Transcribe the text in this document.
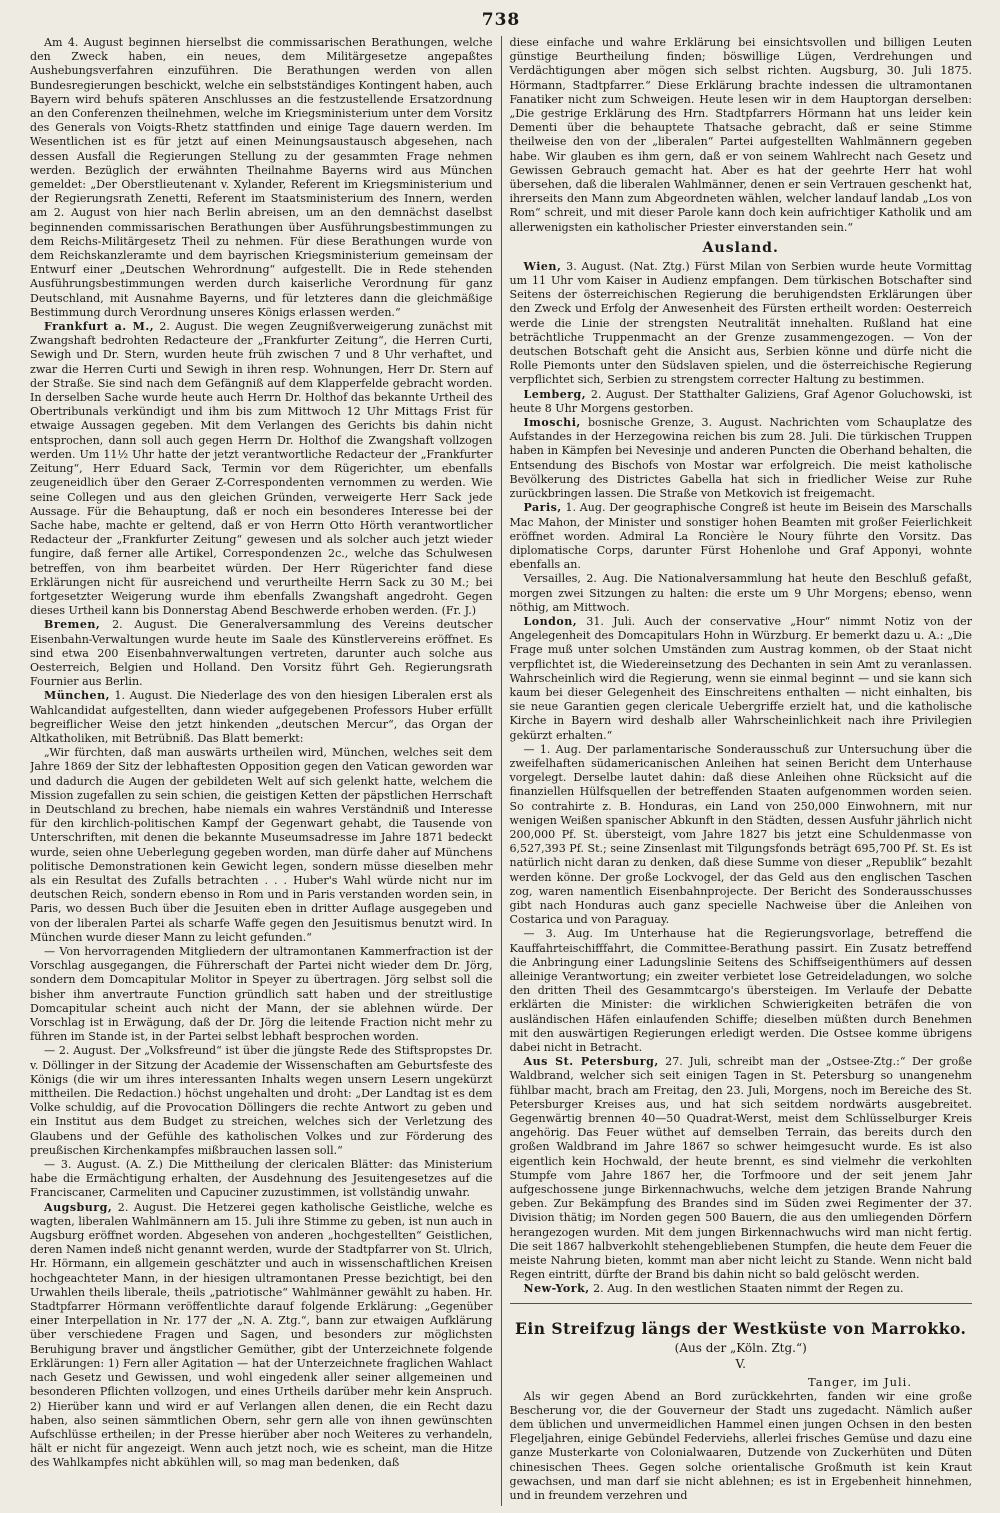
738

Am 4. August beginnen hierselbst die commissarischen Berathungen, welche den Zweck haben, ein neues, dem Militärgesetze angepaßtes Aushebungsverfahren einzuführen. Die Berathungen werden von allen Bundesregierungen beschickt, welche ein selbstständiges Kontingent haben, auch Bayern wird behufs späteren Anschlusses an die festzustellende Ersatzordnung an den Conferenzen theilnehmen, welche im Kriegsministerium unter dem Vorsitz des Generals von Voigts-Rhetz stattfinden und einige Tage dauern werden. Im Wesentlichen ist es für jetzt auf einen Meinungsaustausch abgesehen, nach dessen Ausfall die Regierungen Stellung zu der gesammten Frage nehmen werden. Bezüglich der erwähnten Theilnahme Bayerns wird aus München gemeldet: „Der Oberstlieutenant v. Xylander, Referent im Kriegsministerium und der Regierungsrath Zenetti, Referent im Staatsministerium des Innern, werden am 2. August von hier nach Berlin abreisen, um an den demnächst daselbst beginnenden commissarischen Berathungen über Ausführungsbestimmungen zu dem Reichs-Militärgesetz Theil zu nehmen. Für diese Berathungen wurde von dem Reichskanzleramte und dem bayrischen Kriegsministerium gemeinsam der Entwurf einer „Deutschen Wehrordnung“ aufgestellt. Die in Rede stehenden Ausführungsbestimmungen werden durch kaiserliche Verordnung für ganz Deutschland, mit Ausnahme Bayerns, und für letzteres dann die gleichmäßige Bestimmung durch Verordnung unseres Königs erlassen werden.“

Frankfurt a. M., 2. August. Die wegen Zeugnißverweigerung zunächst mit Zwangshaft bedrohten Redacteure der „Frankfurter Zeitung“, die Herren Curti, Sewigh und Dr. Stern, wurden heute früh zwischen 7 und 8 Uhr verhaftet, und zwar die Herren Curti und Sewigh in ihren resp. Wohnungen, Herr Dr. Stern auf der Straße. Sie sind nach dem Gefängniß auf dem Klapperfelde gebracht worden. In derselben Sache wurde heute auch Herrn Dr. Holthof das bekannte Urtheil des Obertribunals verkündigt und ihm bis zum Mittwoch 12 Uhr Mittags Frist für etwaige Aussagen gegeben. Mit dem Verlangen des Gerichts bis dahin nicht entsprochen, dann soll auch gegen Herrn Dr. Holthof die Zwangshaft vollzogen werden. Um 11½ Uhr hatte der jetzt verantwortliche Redacteur der „Frankfurter Zeitung“, Herr Eduard Sack, Termin vor dem Rügerichter, um ebenfalls zeugeneidlich über den Geraer Z-Correspondenten vernommen zu werden. Wie seine Collegen und aus den gleichen Gründen, verweigerte Herr Sack jede Aussage. Für die Behauptung, daß er noch ein besonderes Interesse bei der Sache habe, machte er geltend, daß er von Herrn Otto Hörth verantwortlicher Redacteur der „Frankfurter Zeitung“ gewesen und als solcher auch jetzt wieder fungire, daß ferner alle Artikel, Correspondenzen 2c., welche das Schulwesen betreffen, von ihm bearbeitet würden. Der Herr Rügerichter fand diese Erklärungen nicht für ausreichend und verurtheilte Herrn Sack zu 30 M.; bei fortgesetzter Weigerung wurde ihm ebenfalls Zwangshaft angedroht. Gegen dieses Urtheil kann bis Donnerstag Abend Beschwerde erhoben werden. (Fr. J.)

Bremen, 2. August. Die Generalversammlung des Vereins deutscher Eisenbahn-Verwaltungen wurde heute im Saale des Künstlervereins eröffnet. Es sind etwa 200 Eisenbahnverwaltungen vertreten, darunter auch solche aus Oesterreich, Belgien und Holland. Den Vorsitz führt Geh. Regierungsrath Fournier aus Berlin.

München, 1. August. Die Niederlage des von den hiesigen Liberalen erst als Wahlcandidat aufgestellten, dann wieder aufgegebenen Professors Huber erfüllt begreiflicher Weise den jetzt hinkenden „deutschen Mercur“, das Organ der Altkatholiken, mit Betrübniß. Das Blatt bemerkt:

„Wir fürchten, daß man auswärts urtheilen wird, München, welches seit dem Jahre 1869 der Sitz der lebhaftesten Opposition gegen den Vatican geworden war und dadurch die Augen der gebildeten Welt auf sich gelenkt hatte, welchem die Mission zugefallen zu sein schien, die geistigen Ketten der päpstlichen Herrschaft in Deutschland zu brechen, habe niemals ein wahres Verständniß und Interesse für den kirchlich-politischen Kampf der Gegenwart gehabt, die Tausende von Unterschriften, mit denen die bekannte Museumsadresse im Jahre 1871 bedeckt wurde, seien ohne Ueberlegung gegeben worden, man dürfe daher auf Münchens politische Demonstrationen kein Gewicht legen, sondern müsse dieselben mehr als ein Resultat des Zufalls betrachten . . . Huber's Wahl würde nicht nur im deutschen Reich, sondern ebenso in Rom und in Paris verstanden worden sein, in Paris, wo dessen Buch über die Jesuiten eben in dritter Auflage ausgegeben und von der liberalen Partei als scharfe Waffe gegen den Jesuitismus benutzt wird. In München wurde dieser Mann zu leicht gefunden.“

— Von hervorragenden Mitgliedern der ultramontanen Kammerfraction ist der Vorschlag ausgegangen, die Führerschaft der Partei nicht wieder dem Dr. Jörg, sondern dem Domcapitular Molitor in Speyer zu übertragen. Jörg selbst soll die bisher ihm anvertraute Function gründlich satt haben und der streitlustige Domcapitular scheint auch nicht der Mann, der sie ablehnen würde. Der Vorschlag ist in Erwägung, daß der Dr. Jörg die leitende Fraction nicht mehr zu führen im Stande ist, in der Partei selbst lebhaft besprochen worden.

— 2. August. Der „Volksfreund“ ist über die jüngste Rede des Stiftspropstes Dr. v. Döllinger in der Sitzung der Academie der Wissenschaften am Geburtsfeste des Königs (die wir um ihres interessanten Inhalts wegen unsern Lesern ungekürzt mittheilen. Die Redaction.) höchst ungehalten und droht: „Der Landtag ist es dem Volke schuldig, auf die Provocation Döllingers die rechte Antwort zu geben und ein Institut aus dem Budget zu streichen, welches sich der Verletzung des Glaubens und der Gefühle des katholischen Volkes und zur Förderung des preußischen Kirchenkampfes mißbrauchen lassen soll.“

— 3. August. (A. Z.) Die Mittheilung der clericalen Blätter: das Ministerium habe die Ermächtigung erhalten, der Ausdehnung des Jesuitengesetzes auf die Franciscaner, Carmeliten und Capuciner zuzustimmen, ist vollständig unwahr.

Augsburg, 2. August. Die Hetzerei gegen katholische Geistliche, welche es wagten, liberalen Wahlmännern am 15. Juli ihre Stimme zu geben, ist nun auch in Augsburg eröffnet worden. Abgesehen von anderen „hochgestellten“ Geistlichen, deren Namen indeß nicht genannt werden, wurde der Stadtpfarrer von St. Ulrich, Hr. Hörmann, ein allgemein geschätzter und auch in wissenschaftlichen Kreisen hochgeachteter Mann, in der hiesigen ultramontanen Presse bezichtigt, bei den Urwahlen theils liberale, theils „patriotische“ Wahlmänner gewählt zu haben. Hr. Stadtpfarrer Hörmann veröffentlichte darauf folgende Erklärung: „Gegenüber einer Interpellation in Nr. 177 der „N. A. Ztg.“, bann zur etwaigen Aufklärung über verschiedene Fragen und Sagen, und besonders zur möglichsten Beruhigung braver und ängstlicher Gemüther, gibt der Unterzeichnete folgende Erklärungen: 1) Fern aller Agitation — hat der Unterzeichnete fraglichen Wahlact nach Gesetz und Gewissen, und wohl eingedenk aller seiner allgemeinen und besonderen Pflichten vollzogen, und eines Urtheils darüber mehr kein Anspruch. 2) Hierüber kann und wird er auf Verlangen allen denen, die ein Recht dazu haben, also seinen sämmtlichen Obern, sehr gern alle von ihnen gewünschten Aufschlüsse ertheilen; in der Presse hierüber aber noch Weiteres zu verhandeln, hält er nicht für angezeigt. Wenn auch jetzt noch, wie es scheint, man die Hitze des Wahlkampfes nicht abkühlen will, so mag man bedenken, daß

diese einfache und wahre Erklärung bei einsichtsvollen und billigen Leuten günstige Beurtheilung finden; böswillige Lügen, Verdrehungen und Verdächtigungen aber mögen sich selbst richten. Augsburg, 30. Juli 1875. Hörmann, Stadtpfarrer.“ Diese Erklärung brachte indessen die ultramontanen Fanatiker nicht zum Schweigen. Heute lesen wir in dem Hauptorgan derselben: „Die gestrige Erklärung des Hrn. Stadtpfarrers Hörmann hat uns leider kein Dementi über die behauptete Thatsache gebracht, daß er seine Stimme theilweise den von der „liberalen“ Partei aufgestellten Wahlmännern gegeben habe. Wir glauben es ihm gern, daß er von seinem Wahlrecht nach Gesetz und Gewissen Gebrauch gemacht hat. Aber es hat der geehrte Herr hat wohl übersehen, daß die liberalen Wahlmänner, denen er sein Vertrauen geschenkt hat, ihrerseits den Mann zum Abgeordneten wählen, welcher landauf landab „Los von Rom“ schreit, und mit dieser Parole kann doch kein aufrichtiger Katholik und am allerwenigsten ein katholischer Priester einverstanden sein.“

Ausland.

Wien, 3. August. (Nat. Ztg.) Fürst Milan von Serbien wurde heute Vormittag um 11 Uhr vom Kaiser in Audienz empfangen. Dem türkischen Botschafter sind Seitens der österreichischen Regierung die beruhigendsten Erklärungen über den Zweck und Erfolg der Anwesenheit des Fürsten ertheilt worden: Oesterreich werde die Linie der strengsten Neutralität innehalten. Rußland hat eine beträchtliche Truppenmacht an der Grenze zusammengezogen. — Von der deutschen Botschaft geht die Ansicht aus, Serbien könne und dürfe nicht die Rolle Piemonts unter den Südslaven spielen, und die österreichische Regierung verpflichtet sich, Serbien zu strengstem correcter Haltung zu bestimmen.

Lemberg, 2. August. Der Statthalter Galiziens, Graf Agenor Goluchowski, ist heute 8 Uhr Morgens gestorben.

Imoschi, bosnische Grenze, 3. August. Nachrichten vom Schauplatze des Aufstandes in der Herzegowina reichen bis zum 28. Juli. Die türkischen Truppen haben in Kämpfen bei Nevesinje und anderen Puncten die Oberhand behalten, die Entsendung des Bischofs von Mostar war erfolgreich. Die meist katholische Bevölkerung des Districtes Gabella hat sich in friedlicher Weise zur Ruhe zurückbringen lassen. Die Straße von Metkovich ist freigemacht.

Paris, 1. Aug. Der geographische Congreß ist heute im Beisein des Marschalls Mac Mahon, der Minister und sonstiger hohen Beamten mit großer Feierlichkeit eröffnet worden. Admiral La Roncière le Noury führte den Vorsitz. Das diplomatische Corps, darunter Fürst Hohenlohe und Graf Apponyi, wohnte ebenfalls an.

Versailles, 2. Aug. Die Nationalversammlung hat heute den Beschluß gefaßt, morgen zwei Sitzungen zu halten: die erste um 9 Uhr Morgens; ebenso, wenn nöthig, am Mittwoch.

London, 31. Juli. Auch der conservative „Hour“ nimmt Notiz von der Angelegenheit des Domcapitulars Hohn in Würzburg. Er bemerkt dazu u. A.: „Die Frage muß unter solchen Umständen zum Austrag kommen, ob der Staat nicht verpflichtet ist, die Wiedereinsetzung des Dechanten in sein Amt zu veranlassen. Wahrscheinlich wird die Regierung, wenn sie einmal beginnt — und sie kann sich kaum bei dieser Gelegenheit des Einschreitens enthalten — nicht einhalten, bis sie neue Garantien gegen clericale Uebergriffe erzielt hat, und die katholische Kirche in Bayern wird deshalb aller Wahrscheinlichkeit nach ihre Privilegien gekürzt erhalten.“

— 1. Aug. Der parlamentarische Sonderausschuß zur Untersuchung über die zweifelhaften südamericanischen Anleihen hat seinen Bericht dem Unterhause vorgelegt. Derselbe lautet dahin: daß diese Anleihen ohne Rücksicht auf die finanziellen Hülfsquellen der betreffenden Staaten aufgenommen worden seien. So contrahirte z. B. Honduras, ein Land von 250,000 Einwohnern, mit nur wenigen Weißen spanischer Abkunft in den Städten, dessen Ausfuhr jährlich nicht 200,000 Pf. St. übersteigt, vom Jahre 1827 bis jetzt eine Schuldenmasse von 6,527,393 Pf. St.; seine Zinsenlast mit Tilgungsfonds beträgt 695,700 Pf. St. Es ist natürlich nicht daran zu denken, daß diese Summe von dieser „Republik“ bezahlt werden könne. Der große Lockvogel, der das Geld aus den englischen Taschen zog, waren namentlich Eisenbahnprojecte. Der Bericht des Sonderausschusses gibt nach Honduras auch ganz specielle Nachweise über die Anleihen von Costarica und von Paraguay.

— 3. Aug. Im Unterhause hat die Regierungsvorlage, betreffend die Kauffahrteischifffahrt, die Committee-Berathung passirt. Ein Zusatz betreffend die Anbringung einer Ladungslinie Seitens des Schiffseigenthümers auf dessen alleinige Verantwortung; ein zweiter verbietet lose Getreideladungen, wo solche den dritten Theil des Gesammtcargo's übersteigen. Im Verlaufe der Debatte erklärten die Minister: die wirklichen Schwierigkeiten beträfen die von ausländischen Häfen einlaufenden Schiffe; dieselben müßten durch Benehmen mit den auswärtigen Regierungen erledigt werden. Die Ostsee komme übrigens dabei nicht in Betracht.

Aus St. Petersburg, 27. Juli, schreibt man der „Ostsee-Ztg.:“ Der große Waldbrand, welcher sich seit einigen Tagen in St. Petersburg so unangenehm fühlbar macht, brach am Freitag, den 23. Juli, Morgens, noch im Bereiche des St. Petersburger Kreises aus, und hat sich seitdem nordwärts ausgebreitet. Gegenwärtig brennen 40—50 Quadrat-Werst, meist dem Schlüsselburger Kreis angehörig. Das Feuer wüthet auf demselben Terrain, das bereits durch den großen Waldbrand im Jahre 1867 so schwer heimgesucht wurde. Es ist also eigentlich kein Hochwald, der heute brennt, es sind vielmehr die verkohlten Stumpfe vom Jahre 1867 her, die Torfmoore und der seit jenem Jahr aufgeschossene junge Birkennachwuchs, welche dem jetzigen Brande Nahrung geben. Zur Bekämpfung des Brandes sind im Süden zwei Regimenter der 37. Division thätig; im Norden gegen 500 Bauern, die aus den umliegenden Dörfern herangezogen wurden. Mit dem jungen Birkennachwuchs wird man nicht fertig. Die seit 1867 halbverkohlt stehengebliebenen Stumpfen, die heute dem Feuer die meiste Nahrung bieten, kommt man aber nicht leicht zu Stande. Wenn nicht bald Regen eintritt, dürfte der Brand bis dahin nicht so bald gelöscht werden.

New-York, 2. Aug. In den westlichen Staaten nimmt der Regen zu.

Ein Streifzug längs der Westküste von Marrokko.
(Aus der „Köln. Ztg.“)
V.
Tanger, im Juli.

Als wir gegen Abend an Bord zurückkehrten, fanden wir eine große Bescherung vor, die der Gouverneur der Stadt uns zugedacht. Nämlich außer dem üblichen und unvermeidlichen Hammel einen jungen Ochsen in den besten Flegeljahren, einige Gebündel Federviehs, allerlei frisches Gemüse und dazu eine ganze Musterkarte von Colonialwaaren, Dutzende von Zuckerhüten und Düten chinesischen Thees. Gegen solche orientalische Großmuth ist kein Kraut gewachsen, und man darf sie nicht ablehnen; es ist in Ergebenheit hinnehmen, und in freundem verzehren und
